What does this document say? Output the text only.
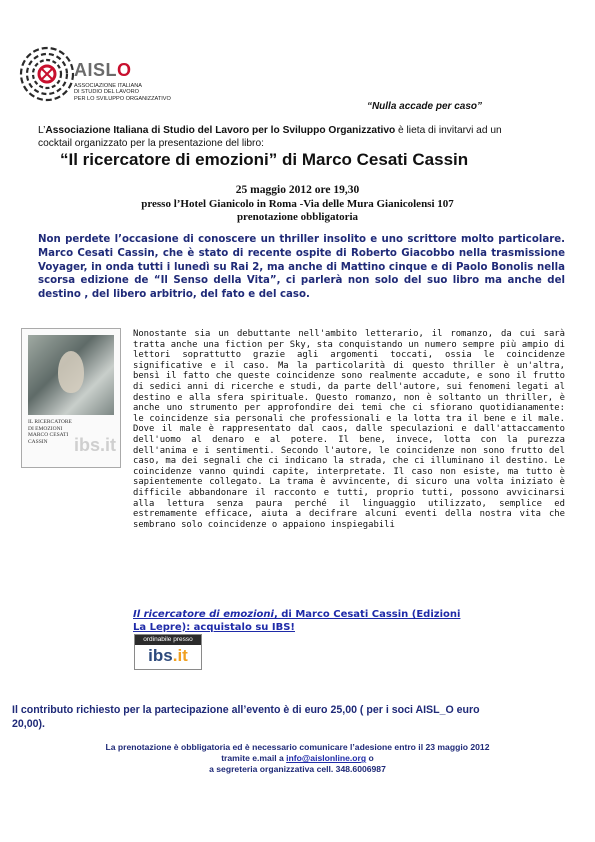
AISLO
ASSOCIAZIONE ITALIANA
DI STUDIO DEL LAVORO
PER LO SVILUPPO ORGANIZZATIVO
“Nulla accade per caso”
L’Associazione Italiana di Studio del Lavoro per lo Sviluppo Organizzativo è lieta di invitarvi ad un cocktail organizzato per la presentazione del libro:
“Il ricercatore di emozioni” di Marco Cesati Cassin
25 maggio 2012 ore 19,30
presso l’Hotel Gianicolo in Roma -Via delle Mura Gianicolensi 107
prenotazione obbligatoria
Non perdete l’occasione di conoscere un thriller insolito e uno scrittore molto particolare. Marco Cesati Cassin, che è stato di recente ospite di Roberto Giacobbo nella trasmissione Voyager, in onda tutti i lunedì su Rai 2, ma anche di Mattino cinque e di Paolo Bonolis nella scorsa edizione de “Il Senso della Vita”, ci parlerà non solo del suo libro ma anche del destino , del libero arbitrio, del fato e del caso.
IL RICERCATORE
DI EMOZIONI
MARCO CESATI CASSIN	ibs.it
Nonostante sia un debuttante nell'ambito letterario, il romanzo, da cui sarà tratta anche una fiction per Sky, sta conquistando un numero sempre più ampio di lettori soprattutto grazie agli argomenti toccati, ossia le coincidenze significative e il caso. Ma la particolarità di questo thriller è un'altra, bensì il fatto che queste coincidenze sono realmente accadute, e sono il frutto di sedici anni di ricerche e studi, da parte dell'autore, sui fenomeni legati al destino e alla sfera spirituale. Questo romanzo, non è soltanto un thriller, è anche uno strumento per approfondire dei temi che ci sfiorano quotidianamente: le coincidenze sia personali che professionali e la lotta tra il bene e il male. Dove il male è rappresentato dal caos, dalle speculazioni e dall'attaccamento dell'uomo al denaro e al potere. Il bene, invece, lotta con la purezza dell'anima e i sentimenti. Secondo l'autore, le coincidenze non sono frutto del caso, ma dei segnali che ci indicano la strada, che ci illuminano il destino. Le coincidenze vanno quindi capite, interpretate. Il caso non esiste, ma tutto è sapientemente collegato. La trama è avvincente, di sicuro una volta iniziato è difficile abbandonare il racconto e tutti, proprio tutti, possono avvicinarsi alla lettura senza paura perché il linguaggio utilizzato, semplice ed estremamente efficace, aiuta a decifrare alcuni eventi della nostra vita che sembrano solo coincidenze o appaiono inspiegabili
Il ricercatore di emozioni, di Marco Cesati Cassin (Edizioni La Lepre): acquistalo su IBS!
ordinabile presso
ibs.it
Il contributo richiesto per la partecipazione all’evento è di euro 25,00 ( per i soci AISL_O euro 20,00).
La prenotazione è obbligatoria ed è necessario comunicare l’adesione entro il 23 maggio 2012
tramite e.mail a info@aislonline.org o
a segreteria organizzativa cell. 348.6006987
